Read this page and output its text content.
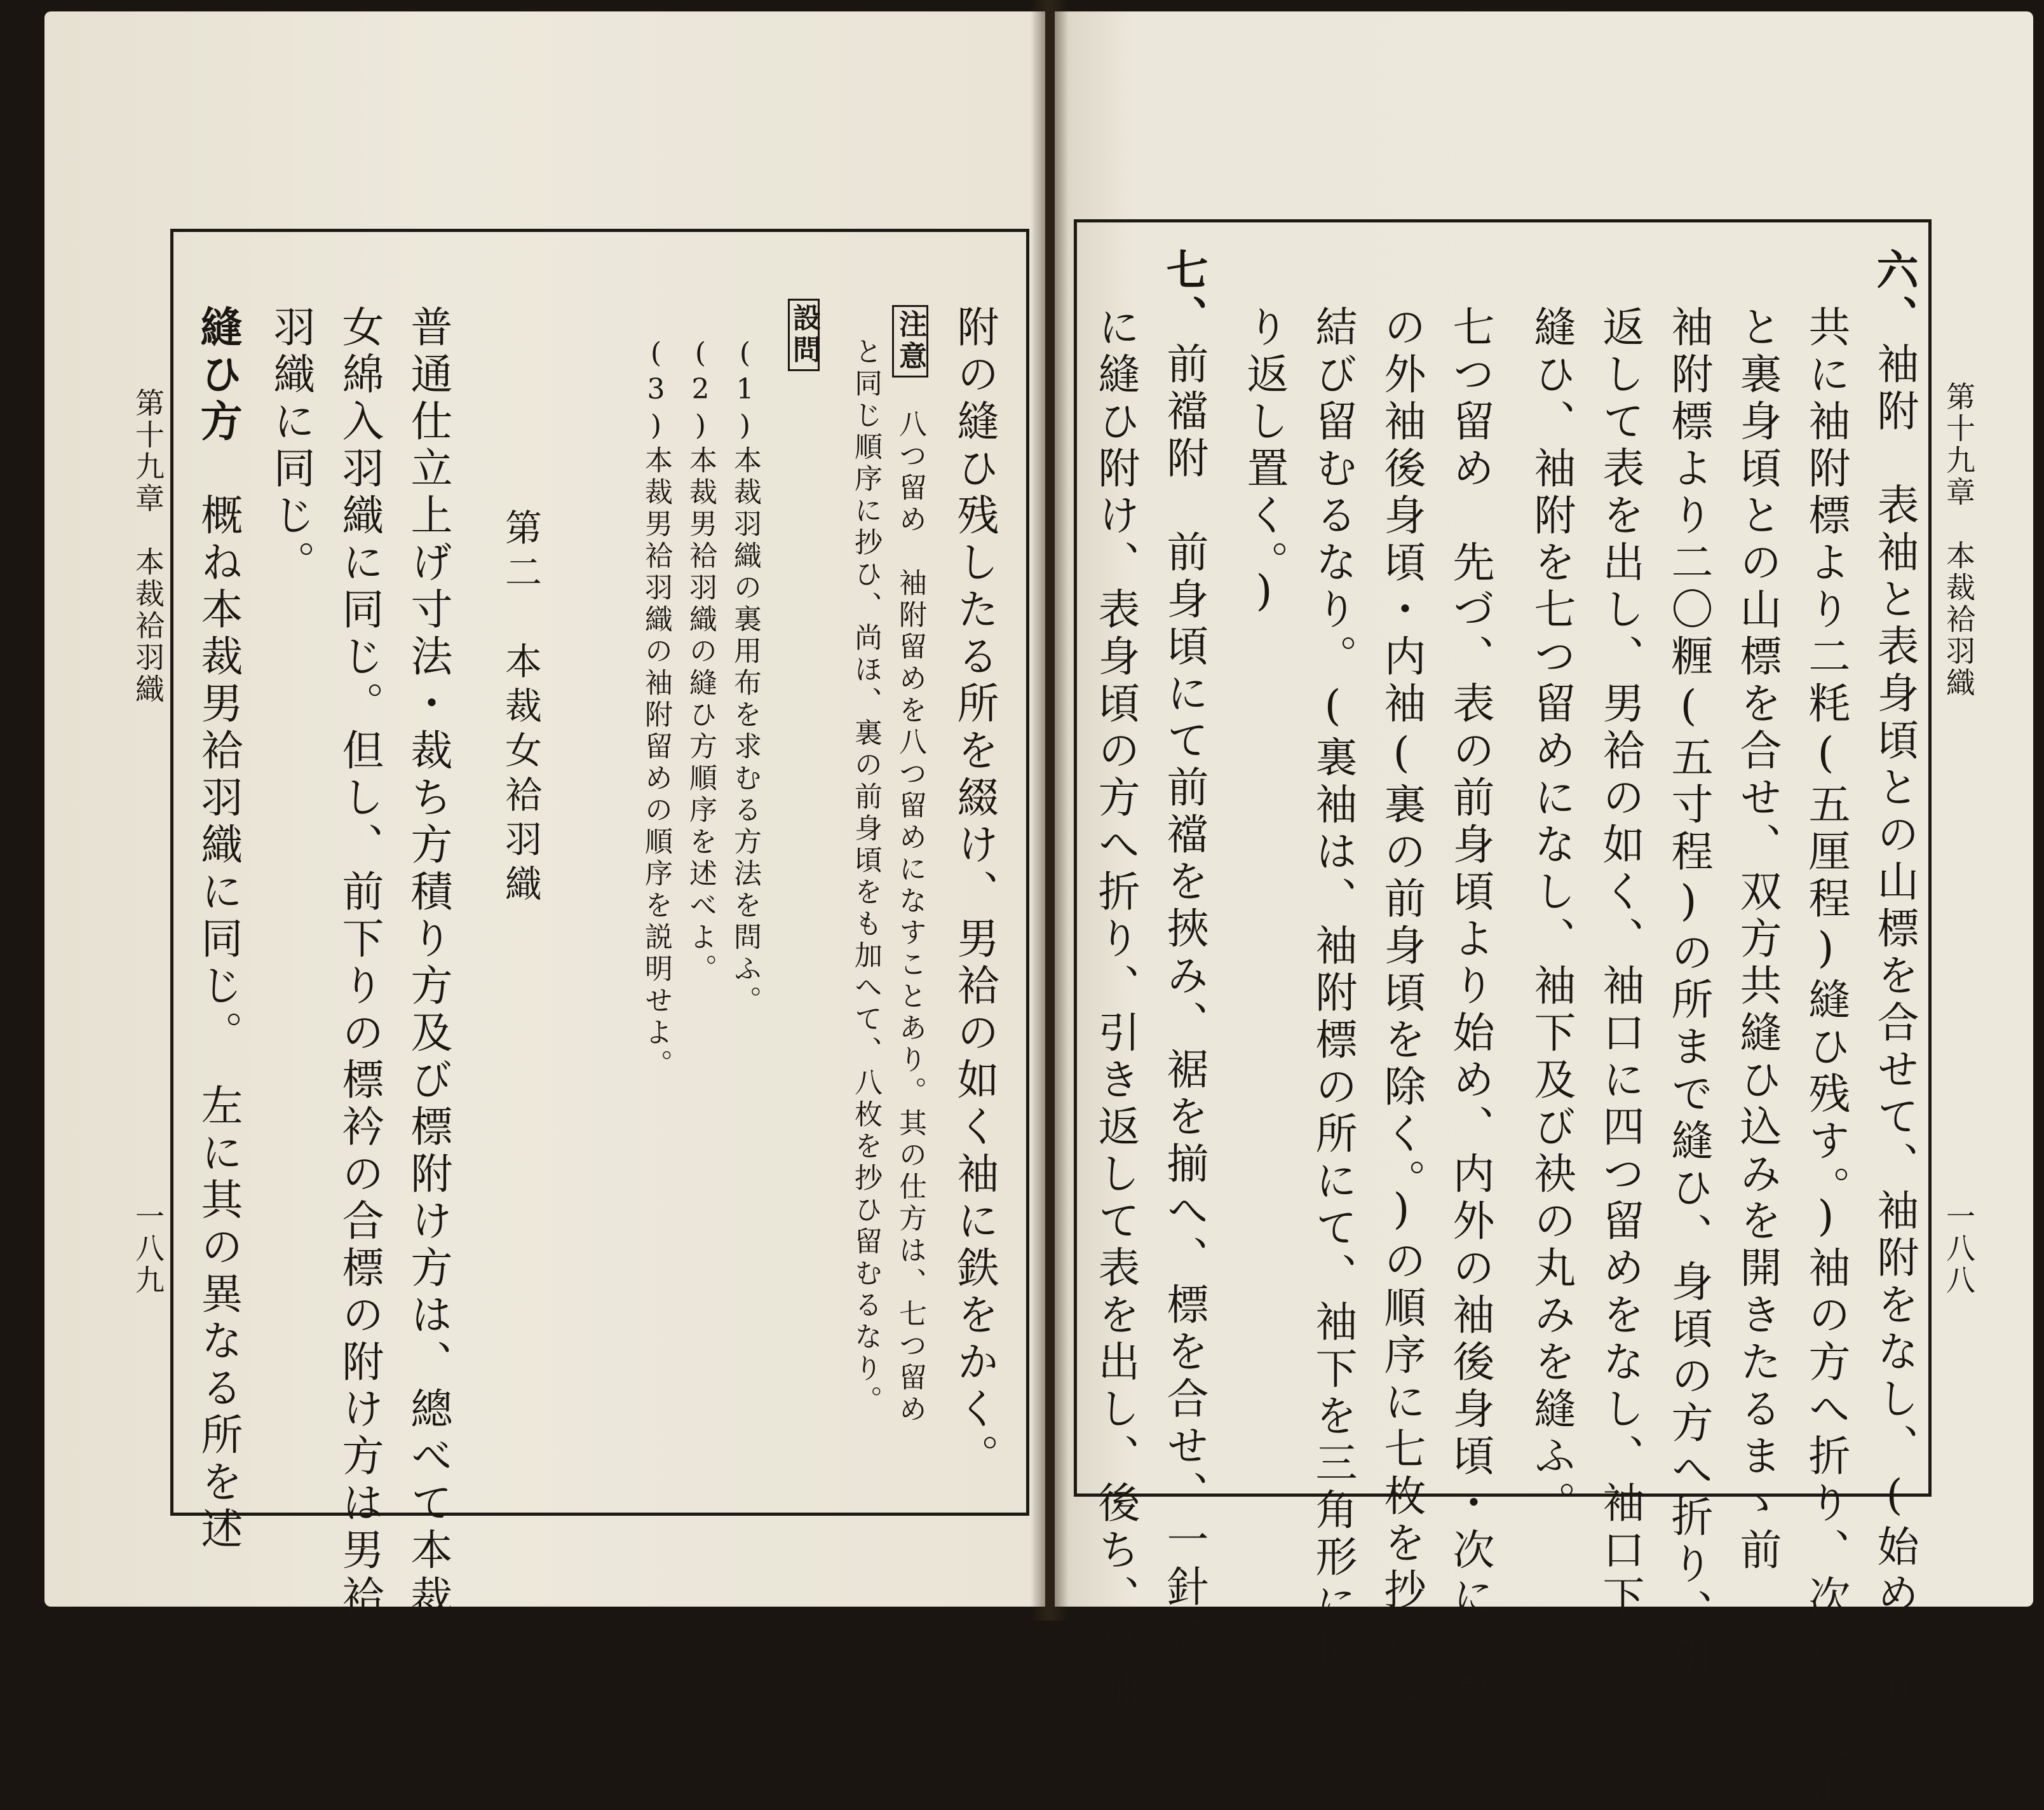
第十九章　本裁袷羽織
一八八
六、袖附　表袖と表身頃との山標を合せて、袖附をなし、(始め終り
共に袖附標より二粍(五厘程)縫ひ残す。)袖の方へ折り、次に、裏袖
と裏身頃との山標を合せ、双方共縫ひ込みを開きたるまゝ前
袖附標より二〇糎(五寸程)の所まで縫ひ、身頃の方へ折り、引き
返して表を出し、男袷の如く、袖口に四つ留めをなし、袖口下を
縫ひ、袖附を七つ留めになし、袖下及び袂の丸みを縫ふ。
七つ留め　先づ、表の前身頃より始め、内外の袖後身頃・次に、裏
の外袖後身頃・内袖(裏の前身頃を除く。)の順序に七枚を抄ひて
結び留むるなり。(裏袖は、袖附標の所にて、袖下を三角形に折
り返し置く。)
七、前襠附　前身頃にて前襠を挾み、裾を揃へ、標を合せ、一針抜き
に縫ひ附け、表身頃の方へ折り、引き返して表を出し、後ち、裏袖
附の縫ひ残したる所を綴け、男袷の如く袖に鉄をかく。
注意　八つ留め　袖附留めを八つ留めになすことあり。其の仕方は、七つ留め
と同じ順序に抄ひ、尚ほ、裏の前身頃をも加へて、八枚を抄ひ留むるなり。
設問
(1)本裁羽織の裏用布を求むる方法を問ふ。
(2)本裁男袷羽織の縫ひ方順序を述べよ。
(3)本裁男袷羽織の袖附留めの順序を説明せよ。
第二　本裁女袷羽織
普通仕立上げ寸法・裁ち方積り方及び標附け方は、總べて本裁
女綿入羽織に同じ。但し、前下りの標衿の合標の附け方は男袷
羽織に同じ。
縫ひ方　概ね本裁男袷羽織に同じ。　左に其の異なる所を述
第十九章　本裁袷羽織
一八九
